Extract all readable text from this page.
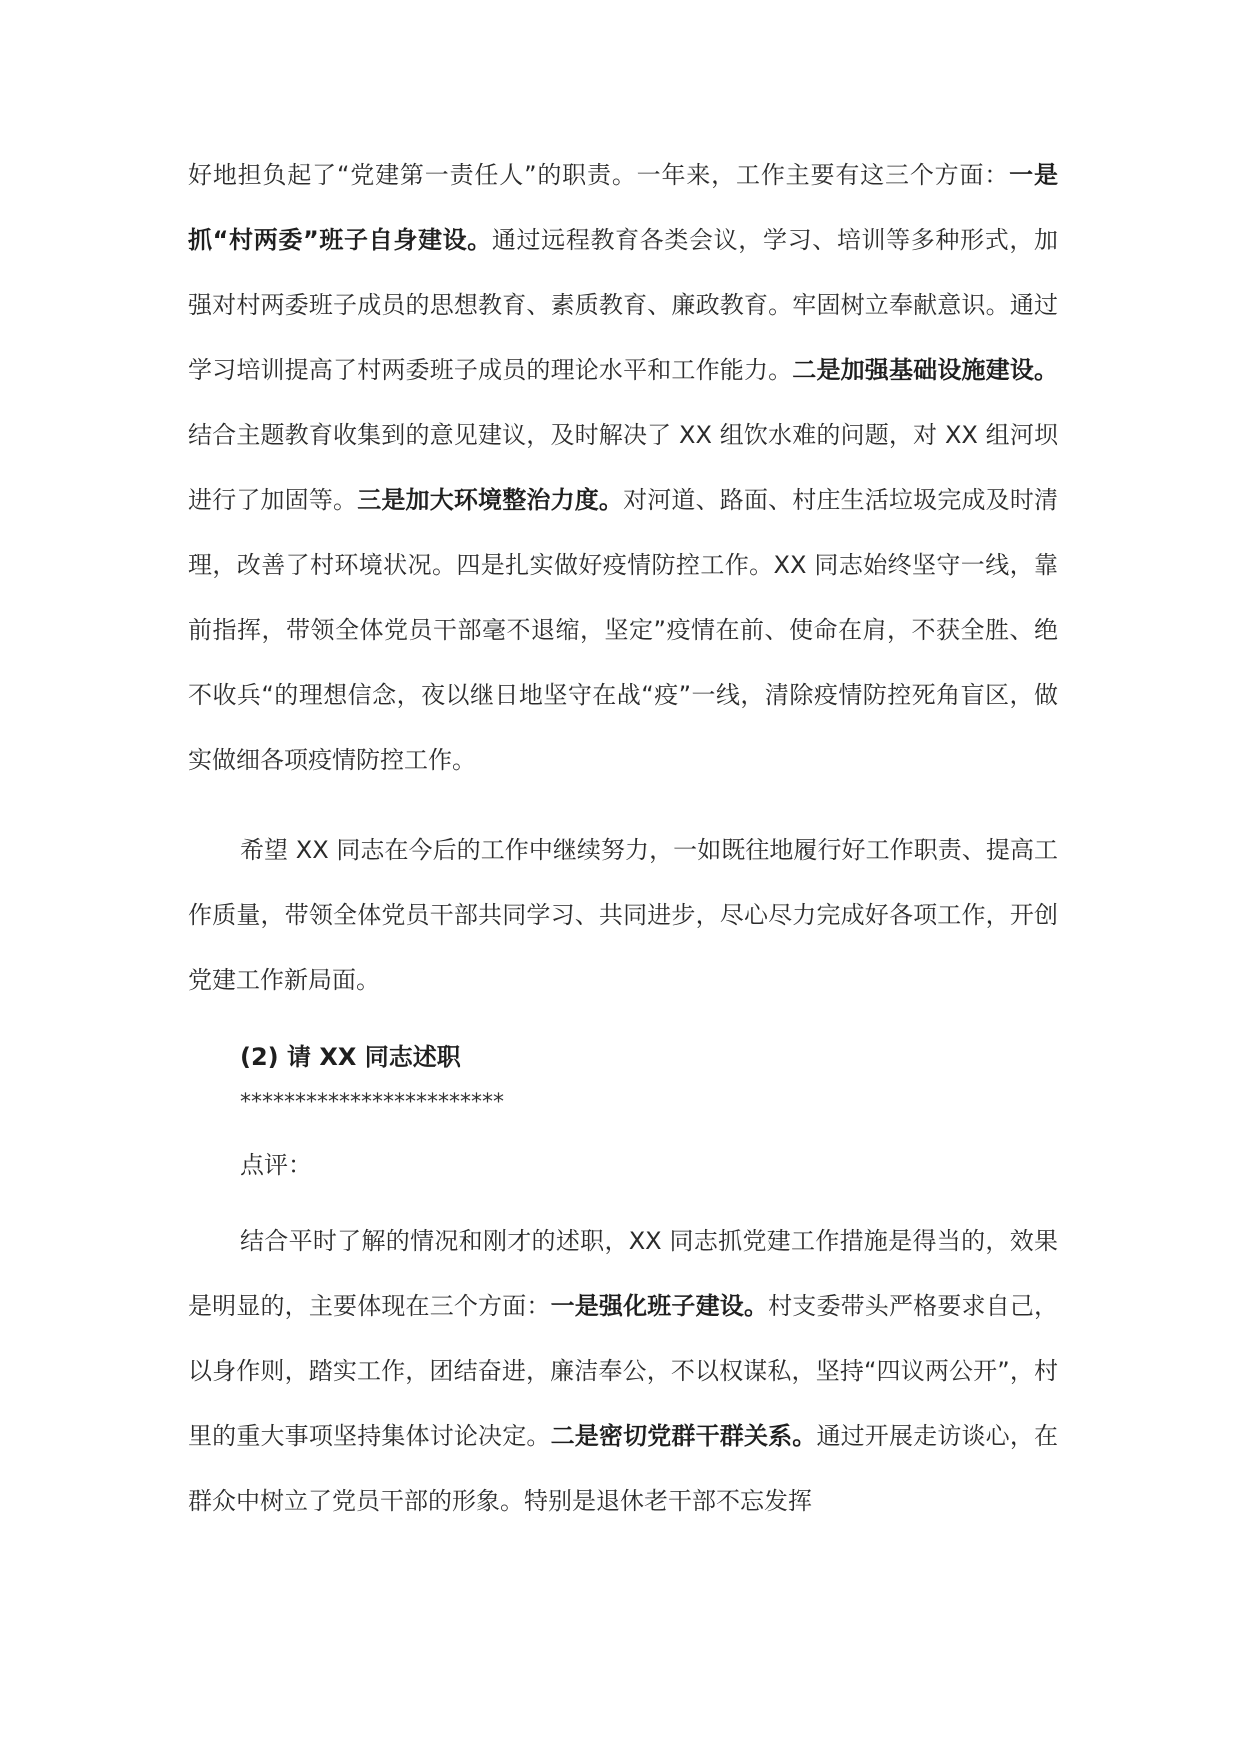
好地担负起了“党建第一责任人”的职责。一年来，工作主要有这三个方面：一是抓“村两委”班子自身建设。通过远程教育各类会议，学习、培训等多种形式，加强对村两委班子成员的思想教育、素质教育、廉政教育。牢固树立奉献意识。通过学习培训提高了村两委班子成员的理论水平和工作能力。二是加强基础设施建设。结合主题教育收集到的意见建议，及时解决了 XX 组饮水难的问题，对 XX 组河坝进行了加固等。三是加大环境整治力度。对河道、路面、村庄生活垃圾完成及时清理，改善了村环境状况。四是扎实做好疫情防控工作。XX 同志始终坚守一线，靠前指挥，带领全体党员干部毫不退缩，坚定”疫情在前、使命在肩，不获全胜、绝不收兵“的理想信念，夜以继日地坚守在战“疫”一线，清除疫情防控死角盲区，做实做细各项疫情防控工作。

希望 XX 同志在今后的工作中继续努力，一如既往地履行好工作职责、提高工作质量，带领全体党员干部共同学习、共同进步，尽心尽力完成好各项工作，开创党建工作新局面。

(2) 请 XX 同志述职
************************
点评：

结合平时了解的情况和刚才的述职，XX 同志抓党建工作措施是得当的，效果是明显的，主要体现在三个方面：一是强化班子建设。村支委带头严格要求自己，以身作则，踏实工作，团结奋进，廉洁奉公，不以权谋私，坚持“四议两公开”，村里的重大事项坚持集体讨论决定。二是密切党群干群关系。通过开展走访谈心，在群众中树立了党员干部的形象。特别是退休老干部不忘发挥
